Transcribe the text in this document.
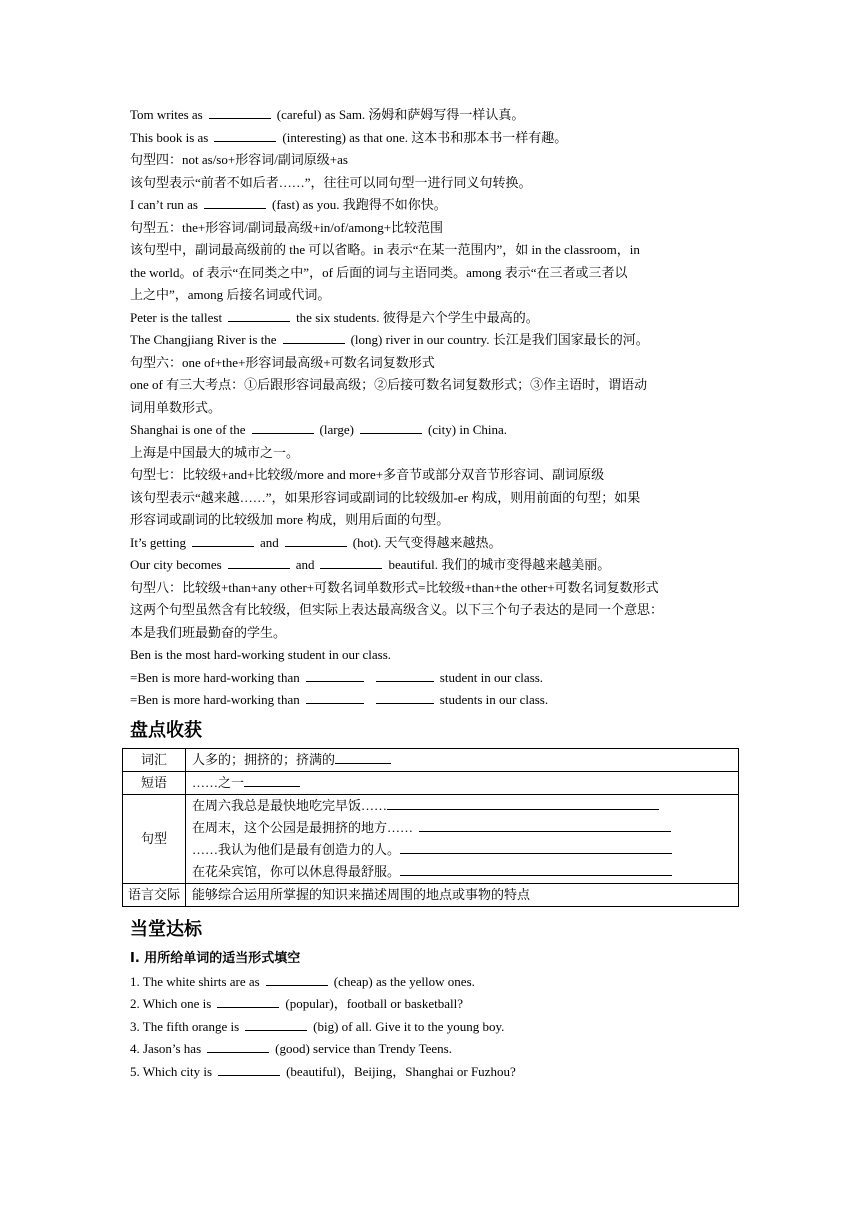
Tom writes as	(careful) as Sam. 汤姆和萨姆写得一样认真。
This book is as	(interesting) as that one. 这本书和那本书一样有趣。
句型四：not as/so+形容词/副词原级+as
该句型表示“前者不如后者……”，往往可以同句型一进行同义句转换。
I can’t run as	(fast) as you. 我跑得不如你快。
句型五：the+形容词/副词最高级+in/of/among+比较范围
该句型中，副词最高级前的 the 可以省略。in 表示“在某一范围内”，如 in the classroom，in
the world。of 表示“在同类之中”，of 后面的词与主语同类。among 表示“在三者或三者以
上之中”，among 后接名词或代词。
Peter is the tallest	the six students. 彼得是六个学生中最高的。
The Changjiang River is the	(long) river in our country. 长江是我们国家最长的河。
句型六：one of+the+形容词最高级+可数名词复数形式
one of 有三大考点：①后跟形容词最高级；②后接可数名词复数形式；③作主语时，谓语动
词用单数形式。
Shanghai is one of the	(large)	(city) in China.
上海是中国最大的城市之一。
句型七：比较级+and+比较级/more and more+多音节或部分双音节形容词、副词原级
该句型表示“越来越……”，如果形容词或副词的比较级加-er 构成，则用前面的句型；如果
形容词或副词的比较级加 more 构成，则用后面的句型。
It’s getting	and	(hot). 天气变得越来越热。
Our city becomes	and	beautiful. 我们的城市变得越来越美丽。
句型八：比较级+than+any other+可数名词单数形式=比较级+than+the other+可数名词复数形式
这两个句型虽然含有比较级，但实际上表达最高级含义。以下三个句子表达的是同一个意思：
本是我们班最勤奋的学生。
Ben is the most hard-working student in our class.
=Ben is more hard-working than	student in our class.
=Ben is more hard-working than	students in our class.
盘点收获
词汇	人多的；拥挤的；挤满的
短语	……之一
句型	在周六我总是最快地吃完早饭……
在周末，这个公园是最拥挤的地方……
……我认为他们是最有创造力的人。
在花朵宾馆，你可以休息得最舒服。

语言交际	能够综合运用所掌握的知识来描述周围的地点或事物的特点
当堂达标
Ⅰ. 用所给单词的适当形式填空
1. The white shirts are as	(cheap) as the yellow ones.
2. Which one is	(popular)，football or basketball?
3. The fifth orange is	(big) of all. Give it to the young boy.
4. Jason’s has	(good) service than Trendy Teens.
5. Which city is	(beautiful)，Beijing，Shanghai or Fuzhou?
